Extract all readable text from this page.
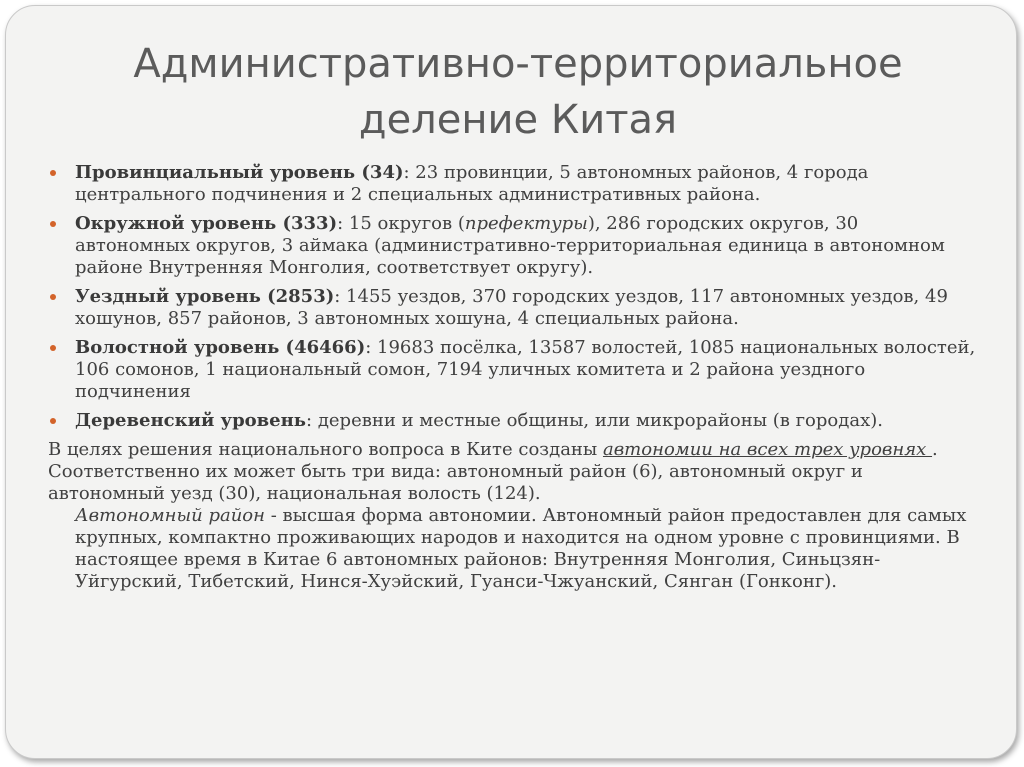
Административно-территориальное
деление Китая
Провинциальный уровень (34): 23 провинции, 5 автономных районов, 4 города центрального подчинения и 2 специальных административных района.
Окружной уровень (333): 15 округов (префектуры), 286 городских округов, 30 автономных округов, 3 аймака (административно-территориальная единица в автономном районе Внутренняя Монголия, соответствует округу).
Уездный уровень (2853): 1455 уездов, 370 городских уездов, 117 автономных уездов, 49 хошунов, 857 районов, 3 автономных хошуна, 4 специальных района.
Волостной уровень (46466): 19683 посёлка, 13587 волостей, 1085 национальных волостей, 106 сомонов, 1 национальный сомон, 7194 уличных комитета и 2 района уездного подчинения
Деревенский уровень: деревни и местные общины, или микрорайоны (в городах).

В целях решения национального вопроса в Ките созданы автономии на всех трех уровнях . Соответственно их может быть три вида: автономный район (6), автономный округ и автономный уезд (30), национальная волость (124).
Автономный район - высшая форма автономии. Автономный район предоставлен для самых крупных, компактно проживающих народов и находится на одном уровне с провинциями. В настоящее время в Китае 6 автономных районов: Внутренняя Монголия, Синьцзян-Уйгурский, Тибетский, Нинся-Хуэйский, Гуанси-Чжуанский, Сянган (Гонконг).
